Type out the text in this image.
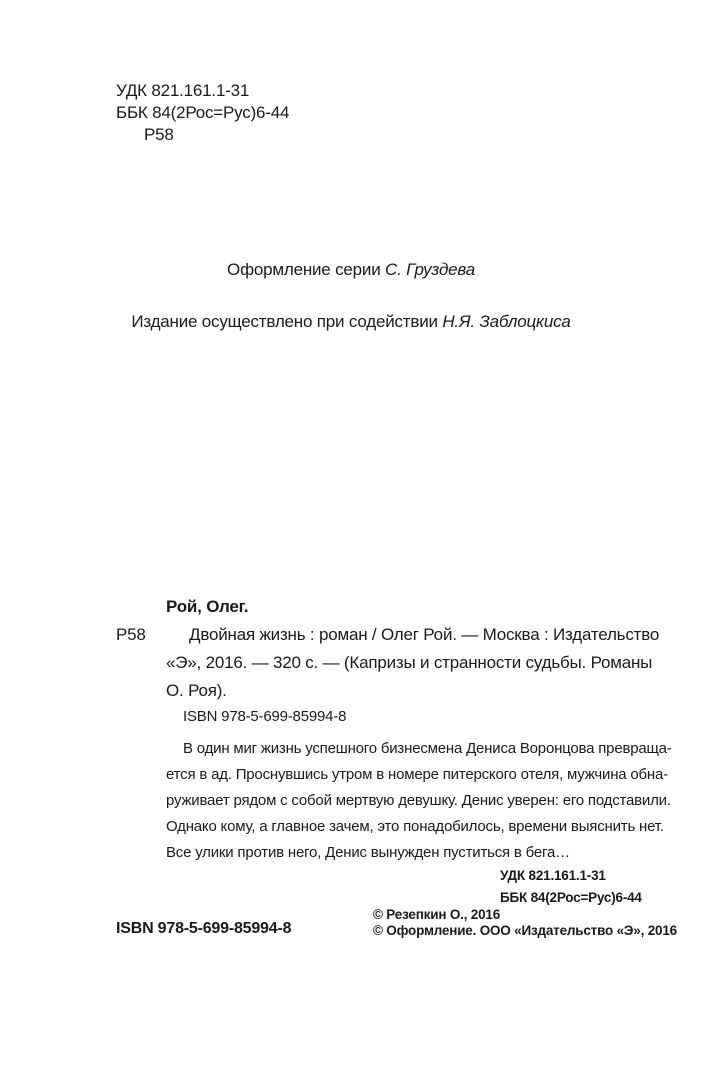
УДК 821.161.1-31
ББК 84(2Рос=Рус)6-44
Р58
Оформление серии С. Груздева
Издание осуществлено при содействии Н.Я. Заблоцкиса
Рой, Олег.
Р58	Двойная жизнь : роман / Олег Рой. — Москва : Издательство
«Э», 2016. — 320 с. — (Капризы и странности судьбы. Романы
О. Роя).
ISBN 978-5-699-85994-8
В один миг жизнь успешного бизнесмена Дениса Воронцова превраща-
ется в ад. Проснувшись утром в номере питерского отеля, мужчина обна-
руживает рядом с собой мертвую девушку. Денис уверен: его подставили.
Однако кому, а главное зачем, это понадобилось, времени выяснить нет.
Все улики против него, Денис вынужден пуститься в бега…
УДК 821.161.1-31
ББК 84(2Рос=Рус)6-44
ISBN 978-5-699-85994-8
© Резепкин О., 2016
© Оформление. ООО «Издательство «Э», 2016
